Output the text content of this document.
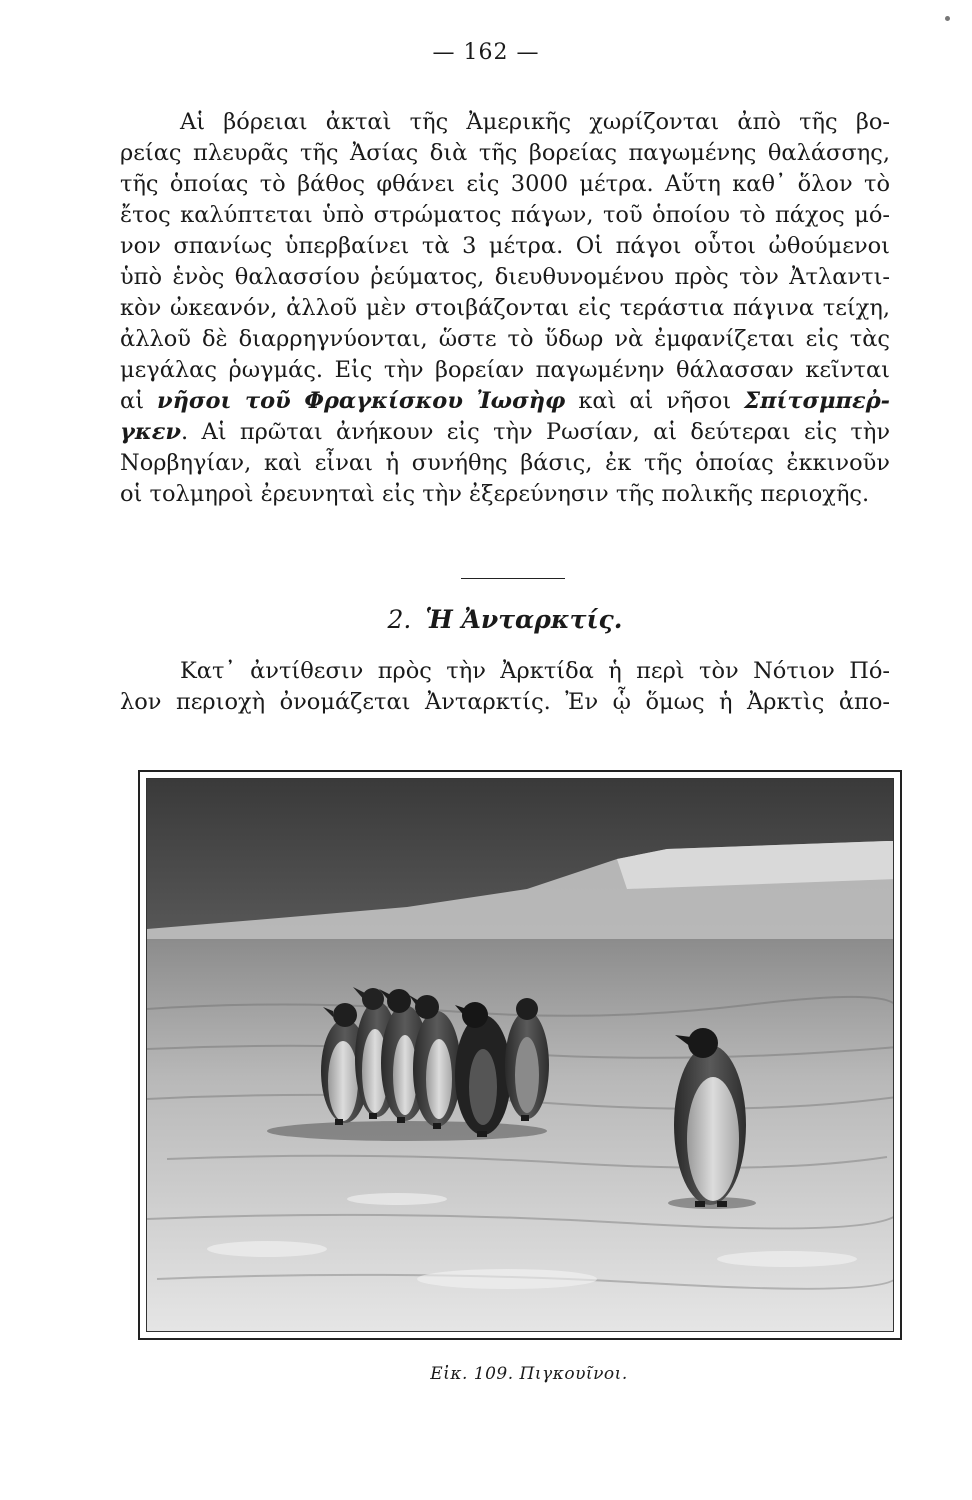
— 162 —
Αἱ βόρειαι ἀκταὶ τῆς Ἀμερικῆς χωρίζονται ἀπὸ τῆς βο-
ρείας πλευρᾶς τῆς Ἀσίας διὰ τῆς βορείας παγωμένης θαλάσσης,
τῆς ὁποίας τὸ βάθος φθάνει εἰς 3000 μέτρα. Αὕτη καθ᾽ ὅλον τὸ
ἔτος καλύπτεται ὑπὸ στρώματος πάγων, τοῦ ὁποίου τὸ πάχος μό-
νον σπανίως ὑπερβαίνει τὰ 3 μέτρα. Οἱ πάγοι οὗτοι ὠθούμενοι
ὑπὸ ἑνὸς θαλασσίου ῥεύματος, διευθυνομένου πρὸς τὸν Ἀτλαντι-
κὸν ὠκεανόν, ἀλλοῦ μὲν στοιβάζονται εἰς τεράστια πάγινα τείχη,
ἀλλοῦ δὲ διαρρηγνύονται, ὥστε τὸ ὕδωρ νὰ ἐμφανίζεται εἰς τὰς
μεγάλας ῥωγμάς. Εἰς τὴν βορείαν παγωμένην θάλασσαν κεῖνται
αἱ νῆσοι τοῦ Φραγκίσκου Ἰωσὴφ καὶ αἱ νῆσοι Σπίτσμπεῤ-
γκεν. Αἱ πρῶται ἀνήκουν εἰς τὴν Ρωσίαν, αἱ δεύτεραι εἰς τὴν
Νορβηγίαν, καὶ εἶναι ἡ συνήθης βάσις, ἐκ τῆς ὁποίας ἐκκινοῦν
οἱ τολμηροὶ ἐρευνηταὶ εἰς τὴν ἐξερεύνησιν τῆς πολικῆς περιοχῆς.
2. Ἡ Ἀνταρκτίς.
Κατ᾽ ἀντίθεσιν πρὸς τὴν Ἀρκτίδα ἡ περὶ τὸν Νότιον Πό-
λον περιοχὴ ὀνομάζεται Ἀνταρκτίς. Ἐν ᾧ ὅμως ἡ Ἀρκτὶς ἀπο-
Εἰκ. 109. Πιγκουῖνοι.
